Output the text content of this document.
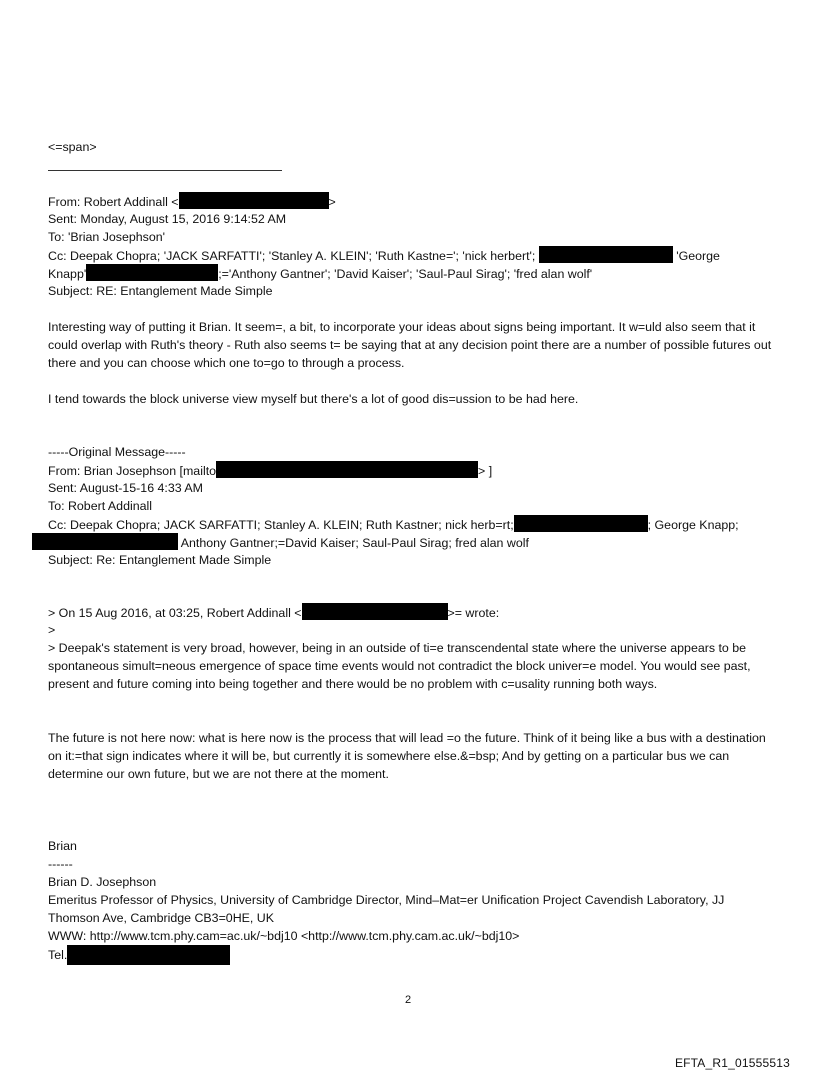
<=span>
From: Robert Addinall <	>
Sent: Monday, August 15, 2016 9:14:52 AM
To: 'Brian Josephson'
Cc: Deepak Chopra; 'JACK SARFATTI'; 'Stanley A. KLEIN'; 'Ruth Kastne='; 'nick herbert';	'George
Knapp'	;='Anthony Gantner'; 'David Kaiser'; 'Saul-Paul Sirag'; 'fred alan wolf'
Subject: RE: Entanglement Made Simple
Interesting way of putting it Brian. It seem=, a bit, to incorporate your ideas about signs being important. It w=uld also seem that it could overlap with Ruth's theory - Ruth also seems t= be saying that at any decision point there are a number of possible futures out there and you can choose which one to=go to through a process.
I tend towards the block universe view myself but there's a lot of good dis=ussion to be had here.
-----Original Message-----
From: Brian Josephson [mailto	> ]
Sent: August-15-16 4:33 AM
To: Robert Addinall
Cc: Deepak Chopra; JACK SARFATTI; Stanley A. KLEIN; Ruth Kastner; nick herb=rt;	; George Knapp;
Anthony Gantner;=David Kaiser; Saul-Paul Sirag; fred alan wolf
Subject: Re: Entanglement Made Simple
> On 15 Aug 2016, at 03:25, Robert Addinall <	>= wrote:
>
> Deepak's statement is very broad, however, being in an outside of ti=e transcendental state where the universe appears to be spontaneous simult=neous emergence of space time events would not contradict the block univer=e model. You would see past, present and future coming into being together and there would be no problem with c=usality running both ways.
The future is not here now: what is here now is the process that will lead =o the future. Think of it being like a bus with a destination on it:=that sign indicates where it will be, but currently it is somewhere else.&=bsp; And by getting on a particular bus we can determine our own future, but we are not there at the moment.
Brian
------
Brian D. Josephson
Emeritus Professor of Physics, University of Cambridge Director, Mind–Mat=er Unification Project Cavendish Laboratory, JJ Thomson Ave, Cambridge CB3=0HE, UK
WWW: http://www.tcm.phy.cam=ac.uk/~bdj10 <http://www.tcm.phy.cam.ac.uk/~bdj10>
Tel.
2
EFTA_R1_01555513
